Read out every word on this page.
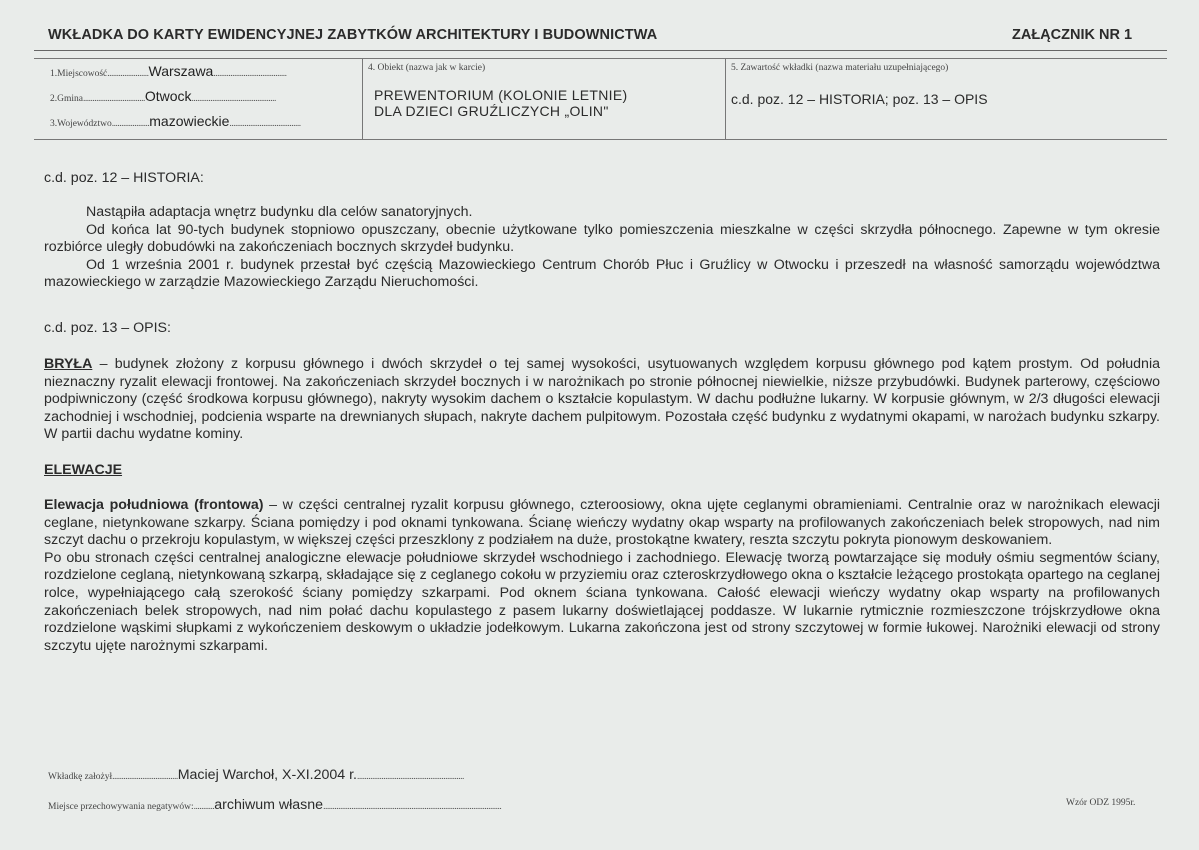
WKŁADKA DO KARTY EWIDENCYJNEJ ZABYTKÓW ARCHITEKTURY I BUDOWNICTWA	ZAŁĄCZNIK NR 1
1.Miejscowość......................Warszawa.......................................
2.Gmina.................................Otwock.............................................
3.Województwo....................mazowieckie......................................
4. Obiekt (nazwa jak w karcie)
PREWENTORIUM (KOLONIE LETNIE)
DLA DZIECI GRUŹLICZYCH „OLIN"
5. Zawartość wkładki (nazwa materiału uzupełniającego)
c.d. poz. 12 – HISTORIA; poz. 13 – OPIS
c.d. poz. 12 – HISTORIA:

Nastąpiła adaptacja wnętrz budynku dla celów sanatoryjnych.

Od końca lat 90-tych budynek stopniowo opuszczany, obecnie użytkowane tylko pomieszczenia mieszkalne w części skrzydła północnego. Zapewne w tym okresie rozbiórce uległy dobudówki na zakończeniach bocznych skrzydeł budynku.

Od 1 września 2001 r. budynek przestał być częścią Mazowieckiego Centrum Chorób Płuc i Gruźlicy w Otwocku i przeszedł na własność samorządu województwa mazowieckiego w zarządzie Mazowieckiego Zarządu Nieruchomości.

c.d. poz. 13 – OPIS:

BRYŁA – budynek złożony z korpusu głównego i dwóch skrzydeł o tej samej wysokości, usytuowanych względem korpusu głównego pod kątem prostym. Od południa nieznaczny ryzalit elewacji frontowej. Na zakończeniach skrzydeł bocznych i w narożnikach po stronie północnej niewielkie, niższe przybudówki. Budynek parterowy, częściowo podpiwniczony (część środkowa korpusu głównego), nakryty wysokim dachem o kształcie kopulastym. W dachu podłużne lukarny. W korpusie głównym, w 2/3 długości elewacji zachodniej i wschodniej, podcienia wsparte na drewnianych słupach, nakryte dachem pulpitowym. Pozostała część budynku z wydatnymi okapami, w narożach budynku szkarpy. W partii dachu wydatne kominy.

ELEWACJE

Elewacja południowa (frontowa) – w części centralnej ryzalit korpusu głównego, czteroosiowy, okna ujęte ceglanymi obramieniami. Centralnie oraz w narożnikach elewacji ceglane, nietynkowane szkarpy. Ściana pomiędzy i pod oknami tynkowana. Ścianę wieńczy wydatny okap wsparty na profilowanych zakończeniach belek stropowych, nad nim szczyt dachu o przekroju kopulastym, w większej części przeszklony z podziałem na duże, prostokątne kwatery, reszta szczytu pokryta pionowym deskowaniem.

Po obu stronach części centralnej analogiczne elewacje południowe skrzydeł wschodniego i zachodniego. Elewację tworzą powtarzające się moduły ośmiu segmentów ściany, rozdzielone ceglaną, nietynkowaną szkarpą, składające się z ceglanego cokołu w przyziemiu oraz czteroskrzydłowego okna o kształcie leżącego prostokąta opartego na ceglanej rolce, wypełniającego całą szerokość ściany pomiędzy szkarpami. Pod oknem ściana tynkowana. Całość elewacji wieńczy wydatny okap wsparty na profilowanych zakończeniach belek stropowych, nad nim połać dachu kopulastego z pasem lukarny doświetlającej poddasze. W lukarnie rytmicznie rozmieszczone trójskrzydłowe okna rozdzielone wąskimi słupkami z wykończeniem deskowym o układzie jodełkowym. Lukarna zakończona jest od strony szczytowej w formie łukowej. Narożniki elewacji od strony szczytu ujęte narożnymi szkarpami.

Wkładkę założył...................................Maciej Warchoł, X-XI.2004 r..........................................................
Miejsce przechowywania negatywów:...........archiwum własne...............................................................................................	Wzór ODZ 1995r.
